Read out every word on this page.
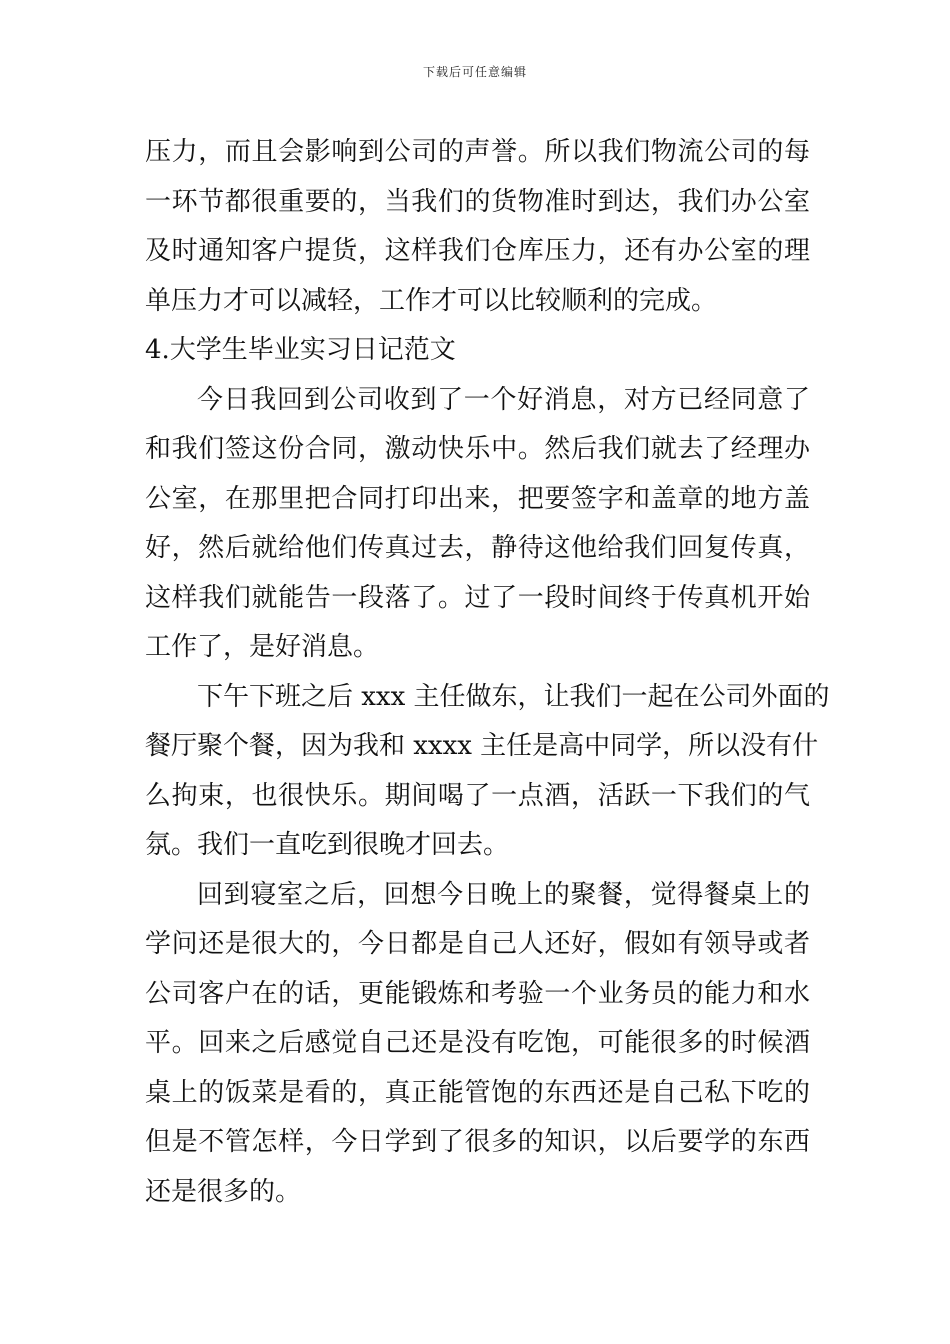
下载后可任意编辑
压力，而且会影响到公司的声誉。所以我们物流公司的每
一环节都很重要的，当我们的货物准时到达，我们办公室
及时通知客户提货，这样我们仓库压力，还有办公室的理
单压力才可以减轻，工作才可以比较顺利的完成。
4.大学生毕业实习日记范文
今日我回到公司收到了一个好消息，对方已经同意了
和我们签这份合同，激动快乐中。然后我们就去了经理办
公室，在那里把合同打印出来，把要签字和盖章的地方盖
好，然后就给他们传真过去，静待这他给我们回复传真，
这样我们就能告一段落了。过了一段时间终于传真机开始
工作了，是好消息。
下午下班之后 xxx 主任做东，让我们一起在公司外面的
餐厅聚个餐，因为我和 xxxx 主任是高中同学，所以没有什
么拘束，也很快乐。期间喝了一点酒，活跃一下我们的气
氛。我们一直吃到很晚才回去。
回到寝室之后，回想今日晚上的聚餐，觉得餐桌上的
学问还是很大的，今日都是自己人还好，假如有领导或者
公司客户在的话，更能锻炼和考验一个业务员的能力和水
平。回来之后感觉自己还是没有吃饱，可能很多的时候酒
桌上的饭菜是看的，真正能管饱的东西还是自己私下吃的
但是不管怎样，今日学到了很多的知识，以后要学的东西
还是很多的。
